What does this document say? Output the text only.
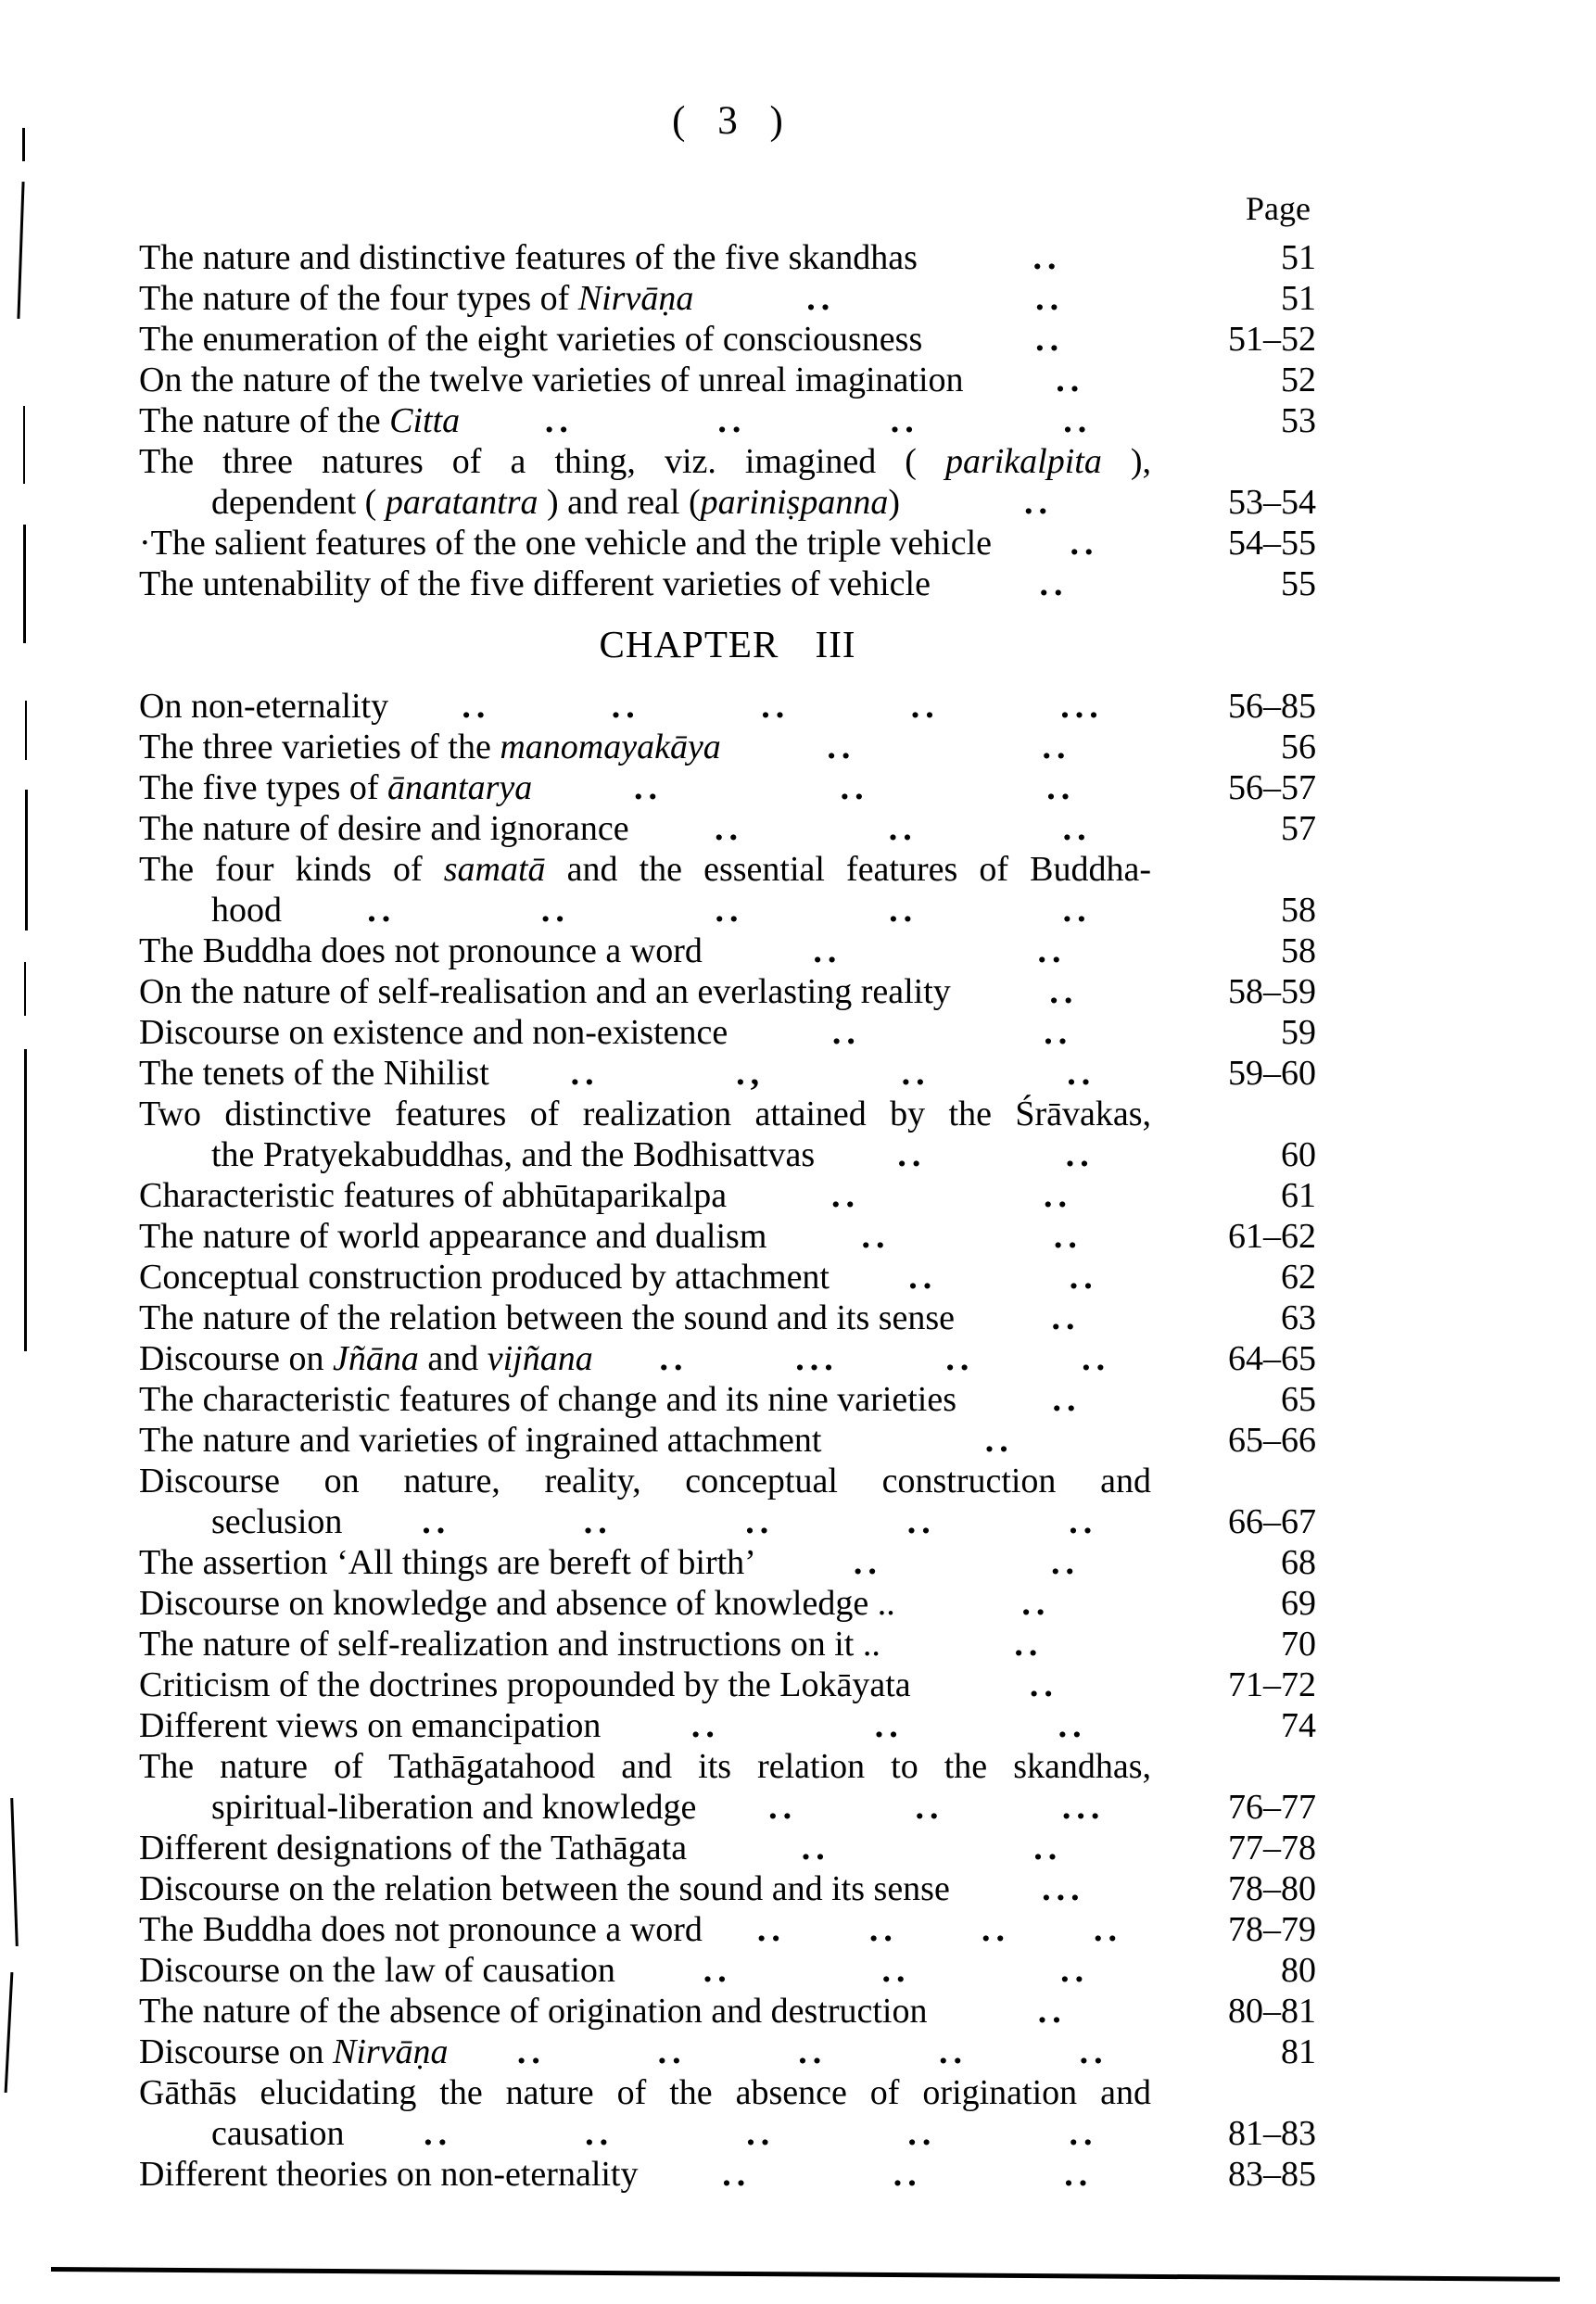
( 3 )
Page
The nature and distinctive features of the five skandhas	..	51
The nature of the four types of Nirvāṇa	..	..	51
The enumeration of the eight varieties of consciousness	..	51–52
On the nature of the twelve varieties of unreal imagination	..	52
The nature of the Citta ..	..	..	..	53
The three natures of a thing, viz. imagined ( parikalpita ),
dependent ( paratantra ) and real (pariniṣpanna)	..	53–54
·The salient features of the one vehicle and the triple vehicle ..	54–55
The untenability of the five different varieties of vehicle	..	55
CHAPTER III
On non-eternality ..	..	..	..	...	56–85
The three varieties of the manomayakāya	..	..	56
The five types of ānantarya	..	..	..	56–57
The nature of desire and ignorance ..	..	..	57
The four kinds of samatā and the essential features of Buddha-
hood ..	..	..	..	..	58
The Buddha does not pronounce a word	..	..	58
On the nature of self-realisation and an everlasting reality	..	58–59
Discourse on existence and non-existence	..	..	59
The tenets of the Nihilist ..	.,	..	..	59–60
Two distinctive features of realization attained by the Śrāvakas,
the Pratyekabuddhas, and the Bodhisattvas ..	..	60
Characteristic features of abhūtaparikalpa	..	..	61
The nature of world appearance and dualism	..	..	61–62
Conceptual construction produced by attachment ..	..	62
The nature of the relation between the sound and its sense	..	63
Discourse on Jñāna and vijñana ..	...	..	..	64–65
The characteristic features of change and its nine varieties	..	65
The nature and varieties of ingrained attachment	..	65–66
Discourse on nature, reality, conceptual construction and
seclusion ..	..	..	..	..	66–67
The assertion ‘All things are bereft of birth’	..	..	68
Discourse on knowledge and absence of knowledge ..	..	69
The nature of self-realization and instructions on it ..	..	70
Criticism of the doctrines propounded by the Lokāyata	..	71–72
Different views on emancipation	..	..	..	74
The nature of Tathāgatahood and its relation to the skandhas,
spiritual-liberation and knowledge ..	..	...	76–77
Different designations of the Tathāgata	..	..	77–78
Discourse on the relation between the sound and its sense	...	78–80
The Buddha does not pronounce a word .. .. .. ..	78–79
Discourse on the law of causation ..	..	..	80
The nature of the absence of origination and destruction	..	80–81
Discourse on Nirvāṇa ..	..	..	..	..	81
Gāthās elucidating the nature of the absence of origination and
causation ..	..	..	..	..	81–83
Different theories on non-eternality ..	..	..	83–85
